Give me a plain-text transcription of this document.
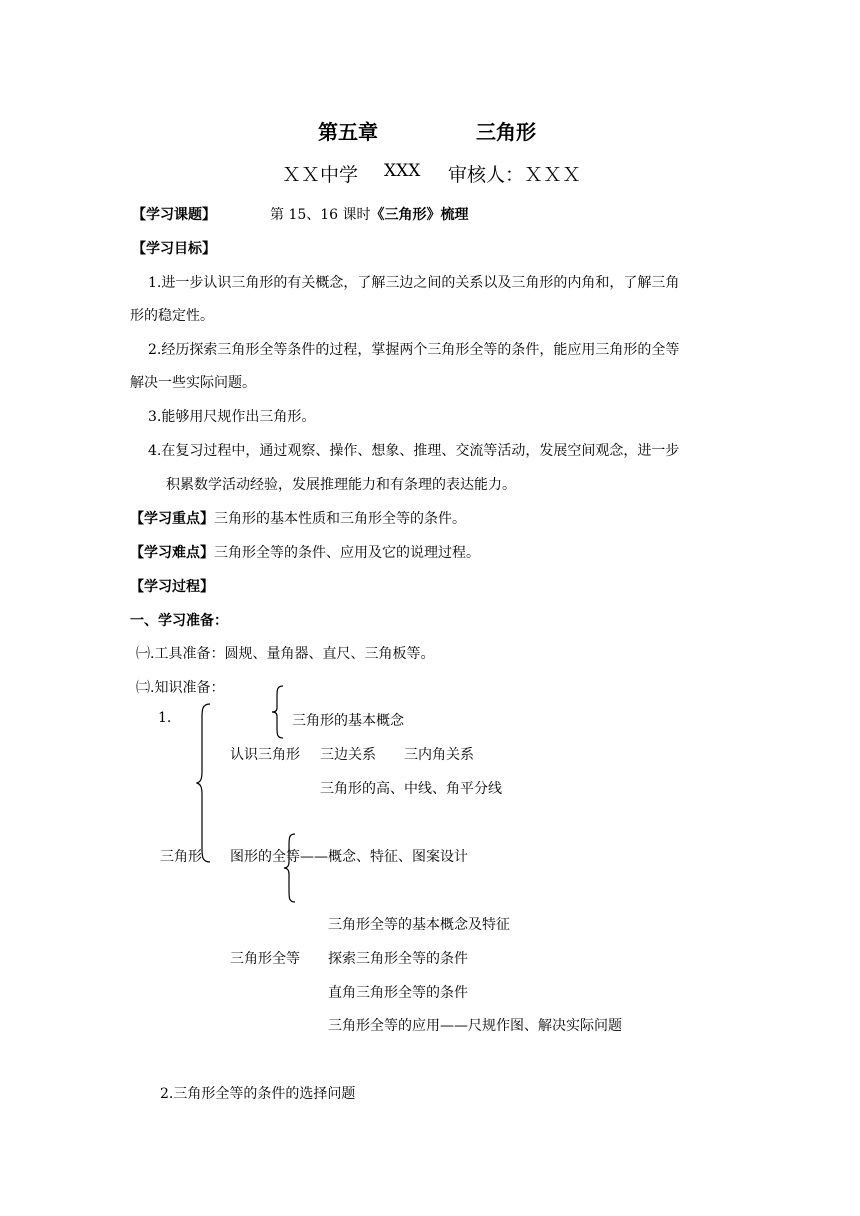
第五章	三角形
ＸＸ中学 XXX 审核人：ＸＸＸ
【学习课题】	第 15、16 课时《三角形》梳理
【学习目标】
1.进一步认识三角形的有关概念，了解三边之间的关系以及三角形的内角和，了解三角
形的稳定性。
2.经历探索三角形全等条件的过程，掌握两个三角形全等的条件，能应用三角形的全等
解决一些实际问题。
3.能够用尺规作出三角形。
4.在复习过程中，通过观察、操作、想象、推理、交流等活动，发展空间观念，进一步
积累数学活动经验，发展推理能力和有条理的表达能力。
【学习重点】三角形的基本性质和三角形全等的条件。
【学习难点】三角形全等的条件、应用及它的说理过程。
【学习过程】
一、学习准备：
㈠.工具准备：圆规、量角器、直尺、三角板等。
㈡.知识准备：
1.	三角形的基本概念
认识三角形 三边关系 三内角关系
三角形的高、中线、角平分线
三角形 图形的全等——概念、特征、图案设计
三角形全等的基本概念及特征
三角形全等 探索三角形全等的条件
直角三角形全等的条件
三角形全等的应用——尺规作图、解决实际问题
2.三角形全等的条件的选择问题
